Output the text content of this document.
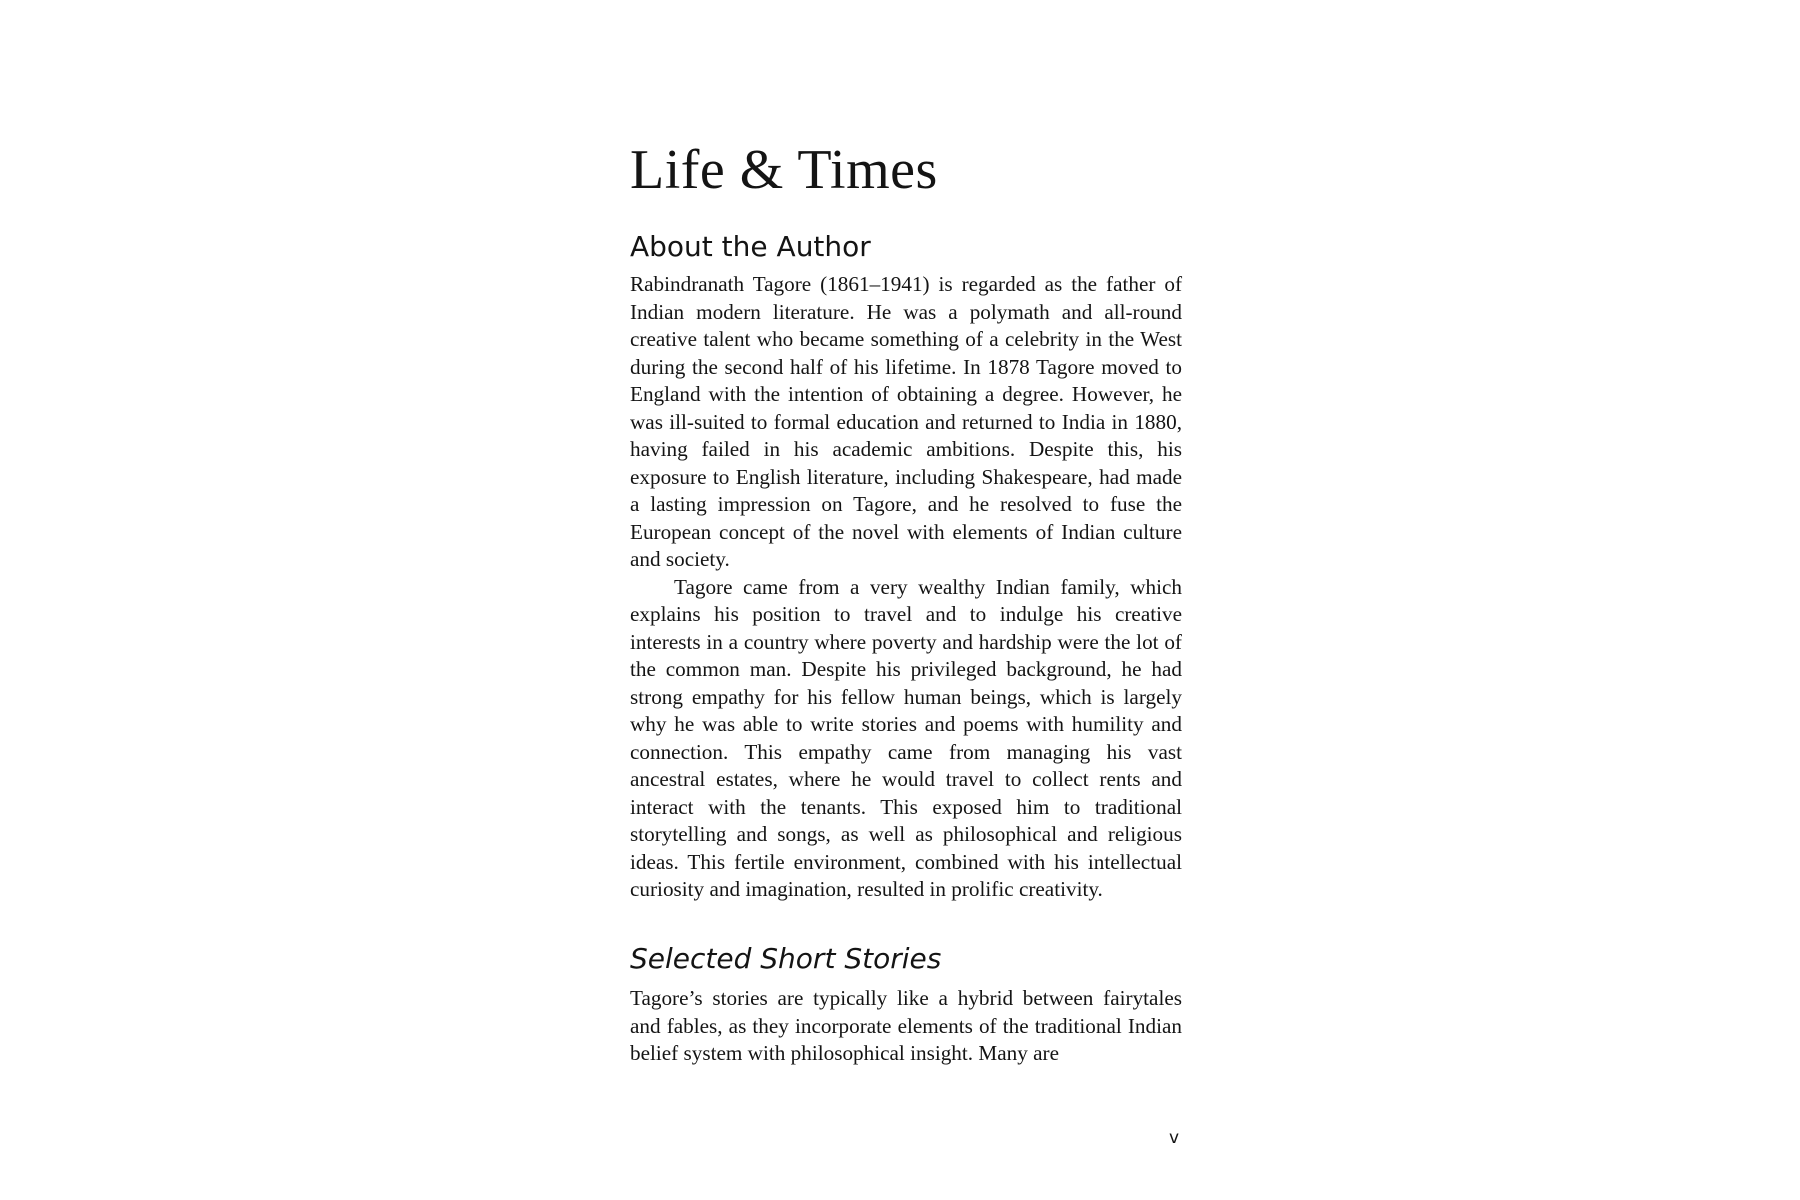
Life & Times
About the Author

Rabindranath Tagore (1861–1941) is regarded as the father of Indian modern literature. He was a polymath and all-round creative talent who became something of a celebrity in the West during the second half of his lifetime. In 1878 Tagore moved to England with the intention of obtaining a degree. However, he was ill-suited to formal education and returned to India in 1880, having failed in his academic ambitions. Despite this, his exposure to English literature, including Shakespeare, had made a lasting impression on Tagore, and he resolved to fuse the European concept of the novel with elements of Indian culture and society.

Tagore came from a very wealthy Indian family, which explains his position to travel and to indulge his creative interests in a country where poverty and hardship were the lot of the common man. Despite his privileged background, he had strong empathy for his fellow human beings, which is largely why he was able to write stories and poems with humility and connection. This empathy came from managing his vast ancestral estates, where he would travel to collect rents and interact with the tenants. This exposed him to traditional storytelling and songs, as well as philosophical and religious ideas. This fertile environment, combined with his intellectual curiosity and imagination, resulted in prolific creativity.

Selected Short Stories

Tagore’s stories are typically like a hybrid between fairytales and fables, as they incorporate elements of the traditional Indian belief system with philosophical insight. Many are

v
